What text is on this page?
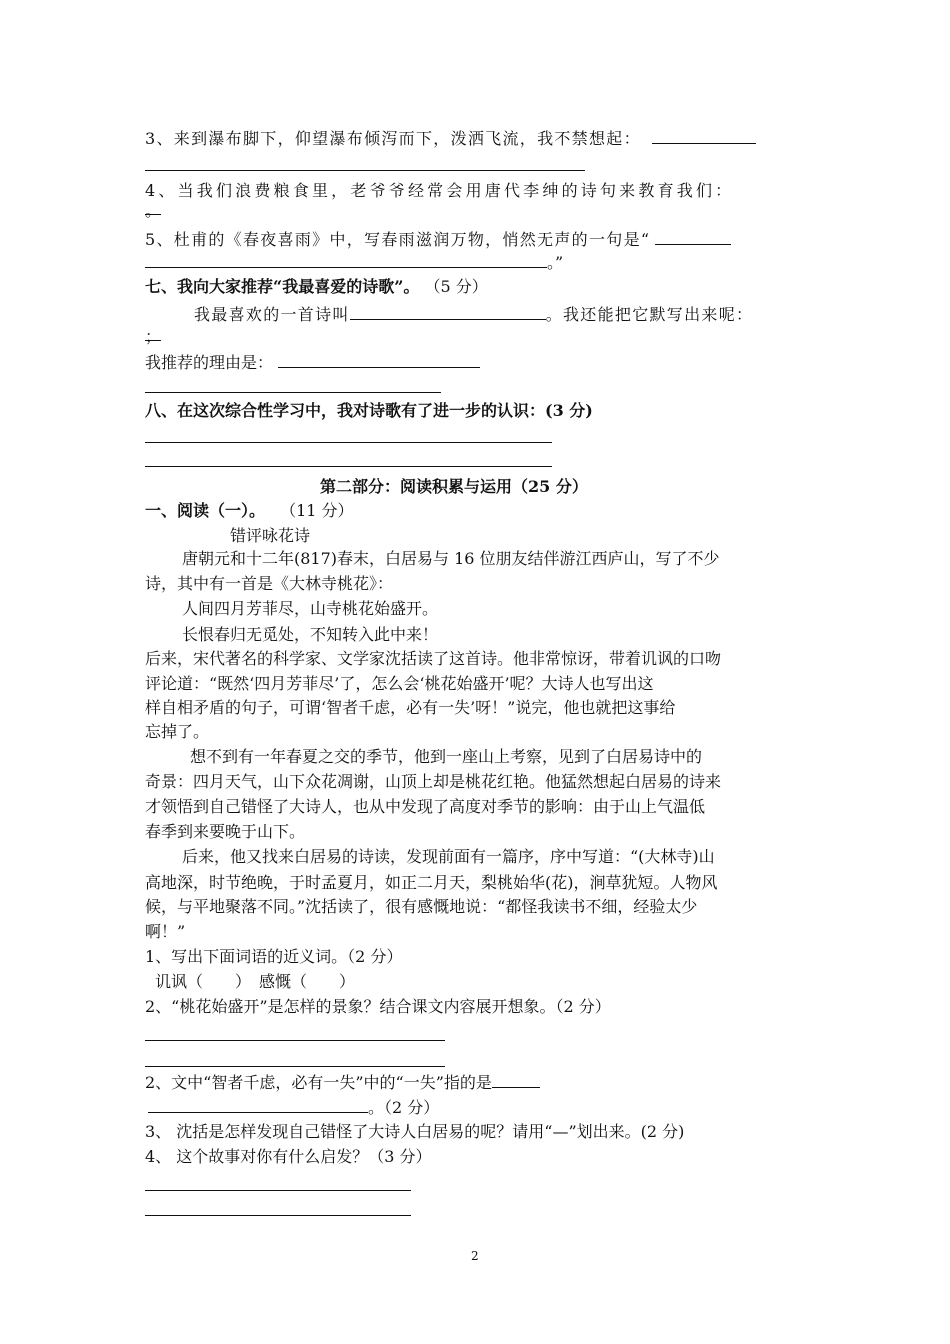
3、来到瀑布脚下，仰望瀑布倾泻而下，泼洒飞流，我不禁想起：
4、当我们浪费粮食里，老爷爷经常会用唐代李绅的诗句来教育我们：
。
5、杜甫的《春夜喜雨》中，写春雨滋润万物，悄然无声的一句是“
。”
七、我向大家推荐“我最喜爱的诗歌”。 （5 分）
我最喜欢的一首诗叫	。我还能把它默写出来呢：
；
我推荐的理由是：
八、在这次综合性学习中，我对诗歌有了进一步的认识：(3 分)
第二部分：阅读积累与运用（25 分）
一、阅读（一）。 （11 分）
错评咏花诗
唐朝元和十二年(817)春末，白居易与 16 位朋友结伴游江西庐山，写了不少
诗，其中有一首是《大林寺桃花》：
人间四月芳菲尽，山寺桃花始盛开。
长恨春归无觅处，不知转入此中来！
后来，宋代著名的科学家、文学家沈括读了这首诗。他非常惊讶，带着讥讽的口吻
评论道：“既然‘四月芳菲尽’了，怎么会‘桃花始盛开’呢？大诗人也写出这
样自相矛盾的句子，可谓‘智者千虑，必有一失’呀！”说完，他也就把这事给
忘掉了。
想不到有一年春夏之交的季节，他到一座山上考察，见到了白居易诗中的
奇景：四月天气，山下众花凋谢，山顶上却是桃花红艳。他猛然想起白居易的诗来
才领悟到自己错怪了大诗人，也从中发现了高度对季节的影响：由于山上气温低
春季到来要晚于山下。
后来，他又找来白居易的诗读，发现前面有一篇序，序中写道：“(大林寺)山
高地深，时节绝晚，于时孟夏月，如正二月天，梨桃始华(花)，涧草犹短。人物风
候，与平地聚落不同。”沈括读了，很有感慨地说：“都怪我读书不细，经验太少
啊！”
1、写出下面词语的近义词。（2 分）
讥讽（　　）　感慨（　　）
2、“桃花始盛开”是怎样的景象？结合课文内容展开想象。（2 分）
2、文中“智者千虑，必有一失”中的“一失”指的是
。（2 分）
3、 沈括是怎样发现自己错怪了大诗人白居易的呢？请用“—”划出来。(2 分)
4、 这个故事对你有什么启发？（3 分）
2
